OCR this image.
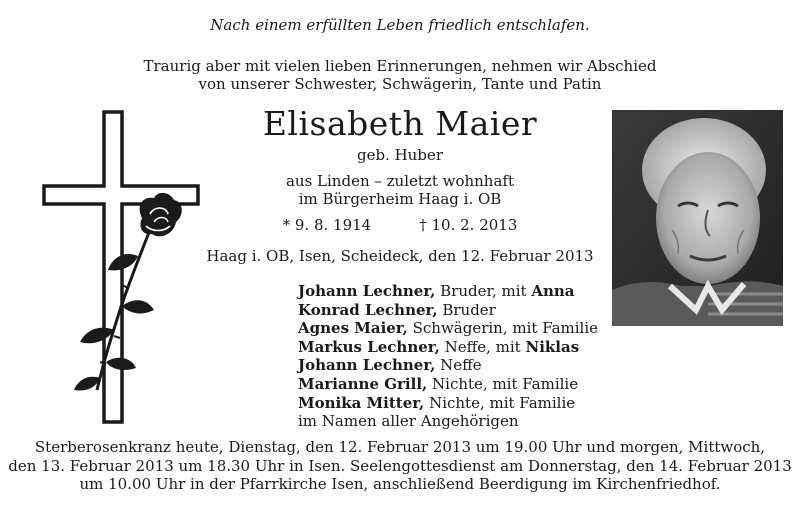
Nach einem erfüllten Leben friedlich entschlafen.
Traurig aber mit vielen lieben Erinnerungen, nehmen wir Abschied
von unserer Schwester, Schwägerin, Tante und Patin
Elisabeth Maier
geb. Huber
aus Linden – zuletzt wohnhaft
im Bürgerheim Haag i. OB
* 9. 8. 1914	† 10. 2. 2013
Haag i. OB, Isen, Scheideck, den 12. Februar 2013
Johann Lechner, Bruder, mit Anna
Konrad Lechner, Bruder
Agnes Maier, Schwägerin, mit Familie
Markus Lechner, Neffe, mit Niklas
Johann Lechner, Neffe
Marianne Grill, Nichte, mit Familie
Monika Mitter, Nichte, mit Familie
im Namen aller Angehörigen
Sterberosenkranz heute, Dienstag, den 12. Februar 2013 um 19.00 Uhr und morgen, Mittwoch,
den 13. Februar 2013 um 18.30 Uhr in Isen. Seelengottesdienst am Donnerstag, den 14. Februar 2013
um 10.00 Uhr in der Pfarrkirche Isen, anschließend Beerdigung im Kirchenfriedhof.
